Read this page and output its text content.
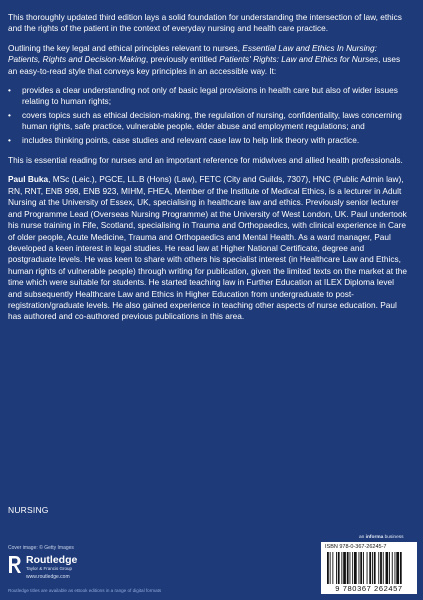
This thoroughly updated third edition lays a solid foundation for understanding the intersection of law, ethics and the rights of the patient in the context of everyday nursing and health care practice.

Outlining the key legal and ethical principles relevant to nurses, Essential Law and Ethics In Nursing: Patients, Rights and Decision-Making, previously entitled Patients' Rights: Law and Ethics for Nurses, uses an easy-to-read style that conveys key principles in an accessible way. It:

• provides a clear understanding not only of basic legal provisions in health care but also of wider issues relating to human rights;
• covers topics such as ethical decision-making, the regulation of nursing, confidentiality, laws concerning human rights, safe practice, vulnerable people, elder abuse and employment regulations; and
• includes thinking points, case studies and relevant case law to help link theory with practice.

This is essential reading for nurses and an important reference for midwives and allied health professionals.

Paul Buka, MSc (Leic.), PGCE, LL.B (Hons) (Law), FETC (City and Guilds, 7307), HNC (Public Admin law), RN, RNT, ENB 998, ENB 923, MIHM, FHEA, Member of the Institute of Medical Ethics, is a lecturer in Adult Nursing at the University of Essex, UK, specialising in healthcare law and ethics. Previously senior lecturer and Programme Lead (Overseas Nursing Programme) at the University of West London, UK. Paul undertook his nurse training in Fife, Scotland, specialising in Trauma and Orthopaedics, with clinical experience in Care of older people, Acute Medicine, Trauma and Orthopaedics and Mental Health. As a ward manager, Paul developed a keen interest in legal studies. He read law at Higher National Certificate, degree and postgraduate levels. He was keen to share with others his specialist interest (in Healthcare Law and Ethics, human rights of vulnerable people) through writing for publication, given the limited texts on the market at the time which were suitable for students. He started teaching law in Further Education at ILEX Diploma level and subsequently Healthcare Law and Ethics in Higher Education from undergraduate to post-registration/graduate levels. He also gained experience in teaching other aspects of nurse education. Paul has authored and co-authored previous publications in this area.

NURSING
Cover image: © Getty Images
Routledge
Taylor & Francis Group
www.routledge.com
Routledge titles are available as eBook editions in a range of digital formats
an informa business
ISBN 978-0-367-26245-7
9 780367 262457
